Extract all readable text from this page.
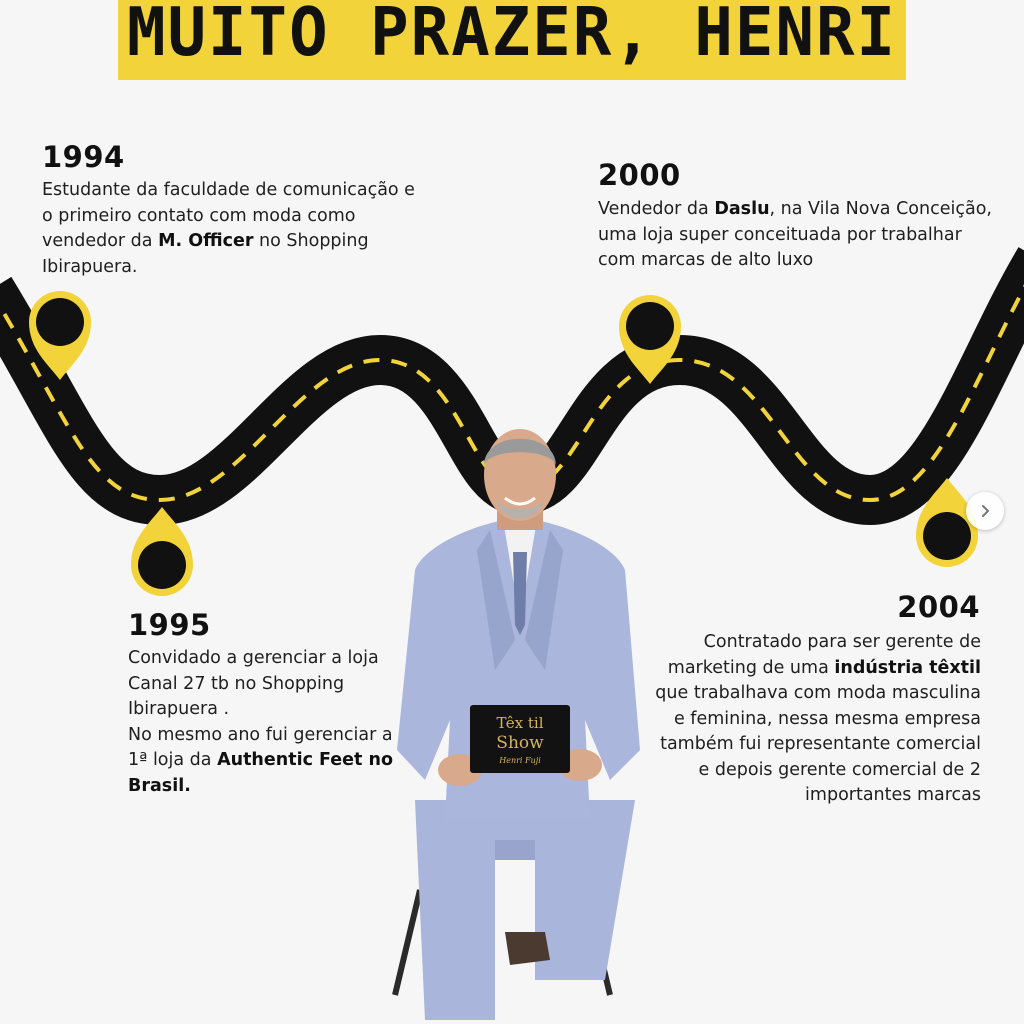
MUITO PRAZER, HENRI
1994
Estudante da faculdade de comunicação e o primeiro contato com moda como vendedor da M. Officer no Shopping Ibirapuera.
1995
Convidado a gerenciar a loja Canal 27 tb no Shopping Ibirapuera .
No mesmo ano fui gerenciar a 1ª loja da Authentic Feet no Brasil.
2000
Vendedor da Daslu, na Vila Nova Conceição, uma loja super conceituada por trabalhar com marcas de alto luxo
2004
Contratado para ser gerente de marketing de uma indústria têxtil que trabalhava com moda masculina e feminina, nessa mesma empresa também fui representante comercial e depois gerente comercial de 2 importantes marcas
Têx til
Show
Henri Fuji
